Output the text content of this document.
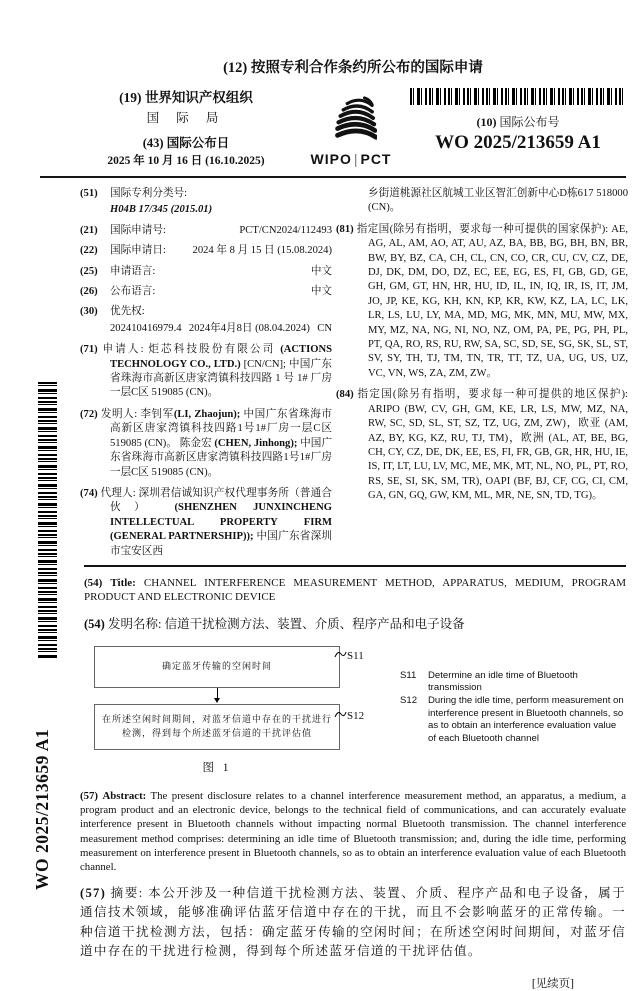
WO 2025/213659 A1
(12) 按照专利合作条约所公布的国际申请
(19) 世界知识产权组织
国 际 局
(43) 国际公布日
2025 年 10 月 16 日 (16.10.2025)	WIPO | PCT
(10) 国际公布号
WO 2025/213659 A1
(51)	国际专利分类号:
H04B 17/345 (2015.01)
(21)	国际申请号:	PCT/CN2024/112493
(22)	国际申请日:	2024 年 8 月 15 日 (15.08.2024)
(25)	申请语言:	中文
(26)	公布语言:	中文
(30)	优先权:
202410416979.4 2024年4月8日 (08.04.2024) CN

(71) 申请人: 炬芯科技股份有限公司 (ACTIONS TECHNOLOGY CO., LTD.) [CN/CN]; 中国广东省珠海市高新区唐家湾镇科技四路 1 号 1# 厂房一层C区 519085 (CN)。

(72) 发明人: 李钊军(LI, Zhaojun); 中国广东省珠海市高新区唐家湾镇科技四路1号1#厂房一层C区 519085 (CN)。 陈金宏 (CHEN, Jinhong); 中国广东省珠海市高新区唐家湾镇科技四路1号1#厂房一层C区 519085 (CN)。

(74) 代理人: 深圳君信诚知识产权代理事务所（普通合伙） (SHENZHEN JUNXINCHENG INTELLECTUAL PROPERTY FIRM (GENERAL PARTNERSHIP)); 中国广东省深圳市宝安区西

乡街道桃源社区航城工业区智汇创新中心D栋617 518000 (CN)。

(81) 指定国(除另有指明，要求每一种可提供的国家保护): AE, AG, AL, AM, AO, AT, AU, AZ, BA, BB, BG, BH, BN, BR, BW, BY, BZ, CA, CH, CL, CN, CO, CR, CU, CV, CZ, DE, DJ, DK, DM, DO, DZ, EC, EE, EG, ES, FI, GB, GD, GE, GH, GM, GT, HN, HR, HU, ID, IL, IN, IQ, IR, IS, IT, JM, JO, JP, KE, KG, KH, KN, KP, KR, KW, KZ, LA, LC, LK, LR, LS, LU, LY, MA, MD, MG, MK, MN, MU, MW, MX, MY, MZ, NA, NG, NI, NO, NZ, OM, PA, PE, PG, PH, PL, PT, QA, RO, RS, RU, RW, SA, SC, SD, SE, SG, SK, SL, ST, SV, SY, TH, TJ, TM, TN, TR, TT, TZ, UA, UG, US, UZ, VC, VN, WS, ZA, ZM, ZW。

(84) 指定国(除另有指明，要求每一种可提供的地区保护): ARIPO (BW, CV, GH, GM, KE, LR, LS, MW, MZ, NA, RW, SC, SD, SL, ST, SZ, TZ, UG, ZM, ZW)，欧亚 (AM, AZ, BY, KG, KZ, RU, TJ, TM)，欧洲 (AL, AT, BE, BG, CH, CY, CZ, DE, DK, EE, ES, FI, FR, GB, GR, HR, HU, IE, IS, IT, LT, LU, LV, MC, ME, MK, MT, NL, NO, PL, PT, RO, RS, SE, SI, SK, SM, TR), OAPI (BF, BJ, CF, CG, CI, CM, GA, GN, GQ, GW, KM, ML, MR, NE, SN, TD, TG)。

(54) Title: CHANNEL INTERFERENCE MEASUREMENT METHOD, APPARATUS, MEDIUM, PROGRAM PRODUCT AND ELECTRONIC DEVICE
(54) 发明名称: 信道干扰检测方法、装置、介质、程序产品和电子设备
确定蓝牙传输的空闲时间
S11
在所述空闲时间期间，对蓝牙信道中存在的干扰进行检测，得到每个所述蓝牙信道的干扰评估值
S12
图 1
S11	Determine an idle time of Bluetooth transmission
S12	During the idle time, perform measurement on interference present in Bluetooth channels, so as to obtain an interference evaluation value of each Bluetooth channel
(57) Abstract: The present disclosure relates to a channel interference measurement method, an apparatus, a medium, a program product and an electronic device, belongs to the technical field of communications, and can accurately evaluate interference present in Bluetooth channels without impacting normal Bluetooth transmission. The channel interference measurement method comprises: determining an idle time of Bluetooth transmission; and, during the idle time, performing measurement on interference present in Bluetooth channels, so as to obtain an interference evaluation value of each Bluetooth channel.
(57) 摘要: 本公开涉及一种信道干扰检测方法、装置、介质、程序产品和电子设备，属于通信技术领域，能够准确评估蓝牙信道中存在的干扰，而且不会影响蓝牙的正常传输。一种信道干扰检测方法，包括：确定蓝牙传输的空闲时间；在所述空闲时间期间，对蓝牙信道中存在的干扰进行检测，得到每个所述蓝牙信道的干扰评估值。
[见续页]
